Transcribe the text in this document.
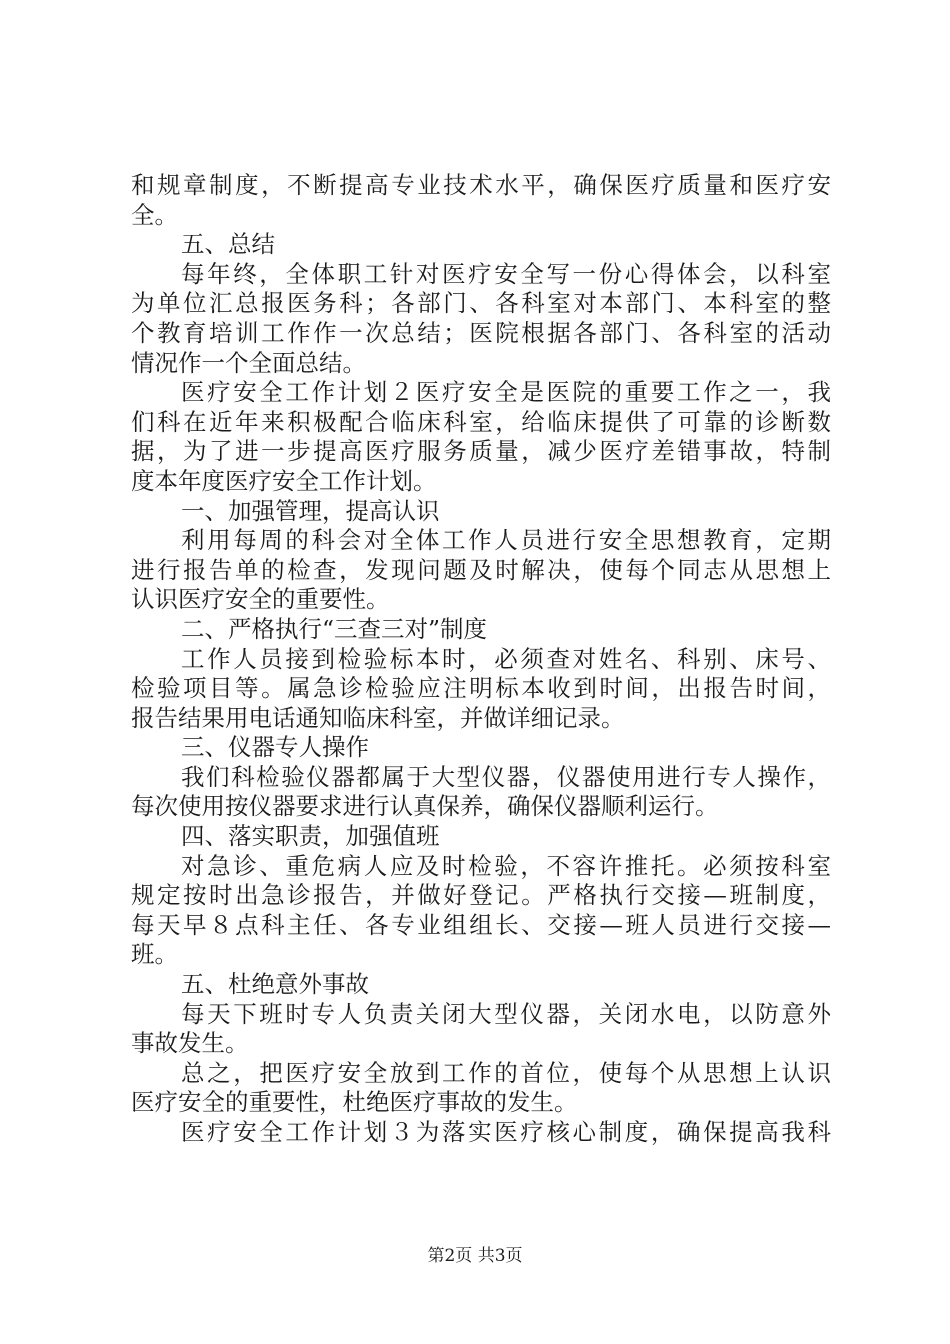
和规章制度，不断提高专业技术水平，确保医疗质量和医疗安
全。
五、总结
每年终，全体职工针对医疗安全写一份心得体会，以科室
为单位汇总报医务科；各部门、各科室对本部门、本科室的整
个教育培训工作作一次总结；医院根据各部门、各科室的活动
情况作一个全面总结。
医疗安全工作计划２医疗安全是医院的重要工作之一，我
们科在近年来积极配合临床科室，给临床提供了可靠的诊断数
据，为了进一步提高医疗服务质量，减少医疗差错事故，特制
度本年度医疗安全工作计划。
一、加强管理，提高认识
利用每周的科会对全体工作人员进行安全思想教育，定期
进行报告单的检查，发现问题及时解决，使每个同志从思想上
认识医疗安全的重要性。
二、严格执行“三查三对”制度
工作人员接到检验标本时，必须查对姓名、科别、床号、
检验项目等。属急诊检验应注明标本收到时间，出报告时间，
报告结果用电话通知临床科室，并做详细记录。
三、仪器专人操作
我们科检验仪器都属于大型仪器，仪器使用进行专人操作，
每次使用按仪器要求进行认真保养，确保仪器顺利运行。
四、落实职责，加强值班
对急诊、重危病人应及时检验，不容许推托。必须按科室
规定按时出急诊报告，并做好登记。严格执行交接—班制度，
每天早８点科主任、各专业组组长、交接—班人员进行交接—
班。
五、杜绝意外事故
每天下班时专人负责关闭大型仪器，关闭水电，以防意外
事故发生。
总之，把医疗安全放到工作的首位，使每个从思想上认识
医疗安全的重要性，杜绝医疗事故的发生。
医疗安全工作计划３为落实医疗核心制度，确保提高我科
第2页 共3页
